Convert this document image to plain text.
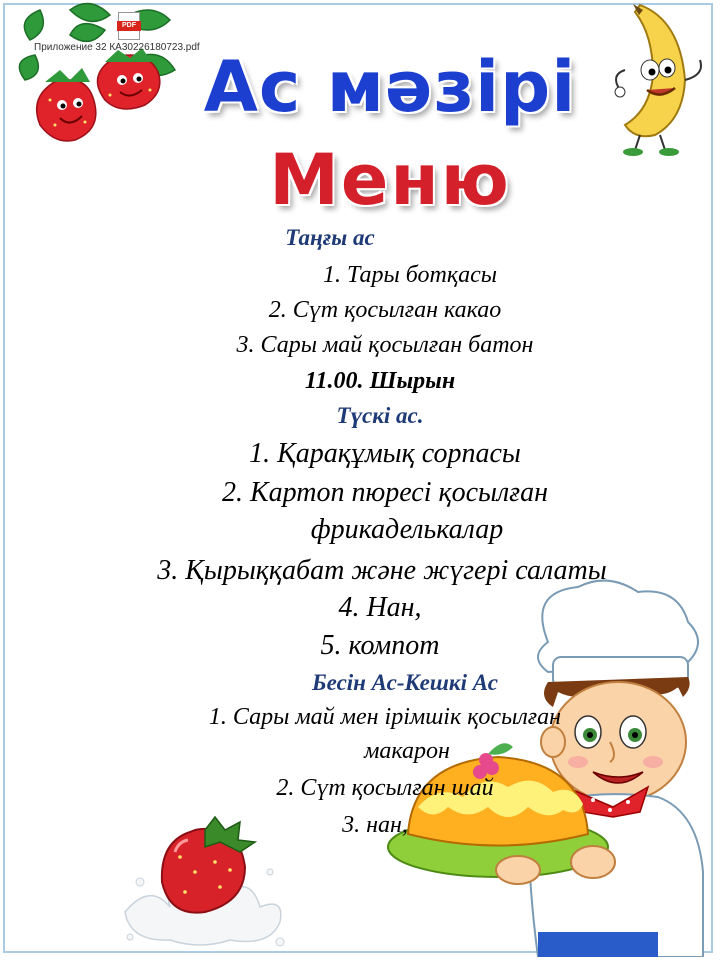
PDF
Приложение 32 КА30226180723.pdf Ас мәзірі
Меню
Таңғы ас
1. Тары ботқасы
2. Сүт қосылған какао
3. Сары май қосылған батон
11.00. Шырын
Түскі ас.
1. Қарақұмық сорпасы
2. Картоп пюресі қосылған
фрикаделькалар
3. Қырыққабат және жүгері салаты
4. Нан,
5. компот
Бесін Ас-Кешкі Ас
1. Сары май мен ірімшік қосылған
макарон
2. Сүт қосылған шай
3. нан,
